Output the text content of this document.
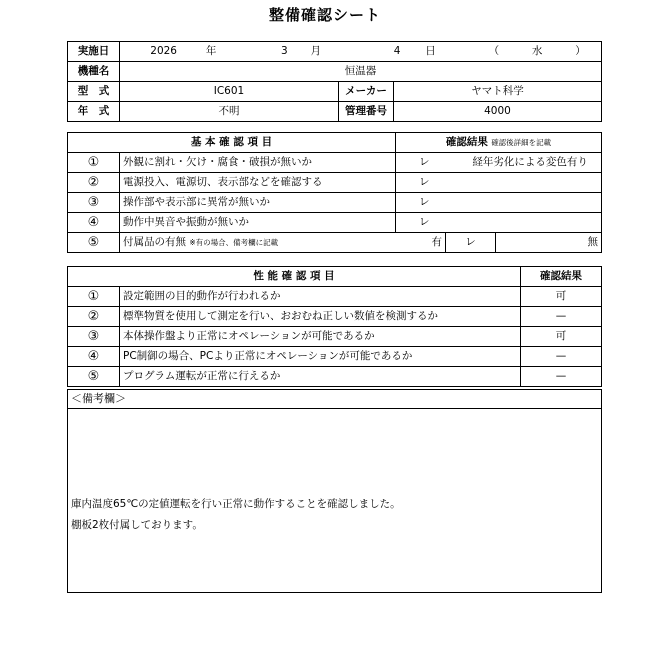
整備確認シート
実施日	2026 年 3 月 4 日 （ 水 ）		
機種名	恒温器		
型　式	IC601	メーカー	ヤマト科学
年　式	不明	管理番号	4000
基 本 確 認 項 目		確認結果 確認後詳細を記載		
①	外観に割れ・欠け・腐食・破損が無いか	レ 経年劣化による変色有り		
②	電源投入、電源切、表示部などを確認する	レ		
③	操作部や表示部に異常が無いか	レ		
④	動作中異音や振動が無いか	レ		
⑤	付属品の有無 ※有の場合、備考欄に記載 有		レ	無
性 能 確 認 項 目		確認結果
①	設定範囲の目的動作が行われるか	可
②	標準物質を使用して測定を行い、おおむね正しい数値を検測するか	—
③	本体操作盤より正常にオペレーションが可能であるか	可
④	PC制御の場合、PCより正常にオペレーションが可能であるか	—
⑤	プログラム運転が正常に行えるか	—
＜備考欄＞
庫内温度65℃の定値運転を行い正常に動作することを確認しました。
棚板2枚付属しております。
